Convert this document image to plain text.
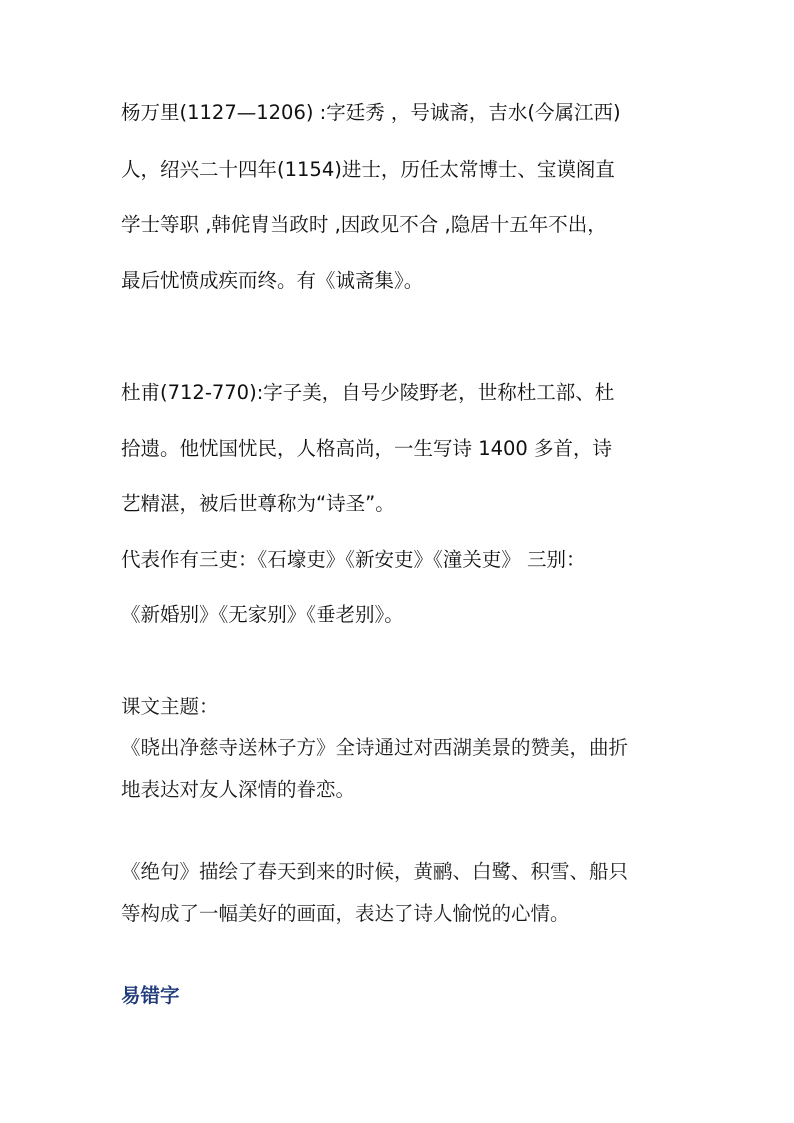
杨万里(1127—1206) :字廷秀 ，号诚斋，吉水(今属江西)
人，绍兴二十四年(1154)进士，历任太常博士、宝谟阁直
学士等职 ,韩侂胄当政时 ,因政见不合 ,隐居十五年不出，
最后忧愤成疾而终。有《诚斋集》。
杜甫(712-770):字子美，自号少陵野老，世称杜工部、杜
拾遗。他忧国忧民，人格高尚，一生写诗 1400 多首，诗
艺精湛，被后世尊称为“诗圣”。
代表作有三吏：《石壕吏》《新安吏》《潼关吏》 三别：
《新婚别》《无家别》《垂老别》。
课文主题：
《晓出净慈寺送林子方》全诗通过对西湖美景的赞美，曲折
地表达对友人深情的眷恋。
《绝句》描绘了春天到来的时候，黄鹂、白鹭、积雪、船只
等构成了一幅美好的画面，表达了诗人愉悦的心情。
易错字
